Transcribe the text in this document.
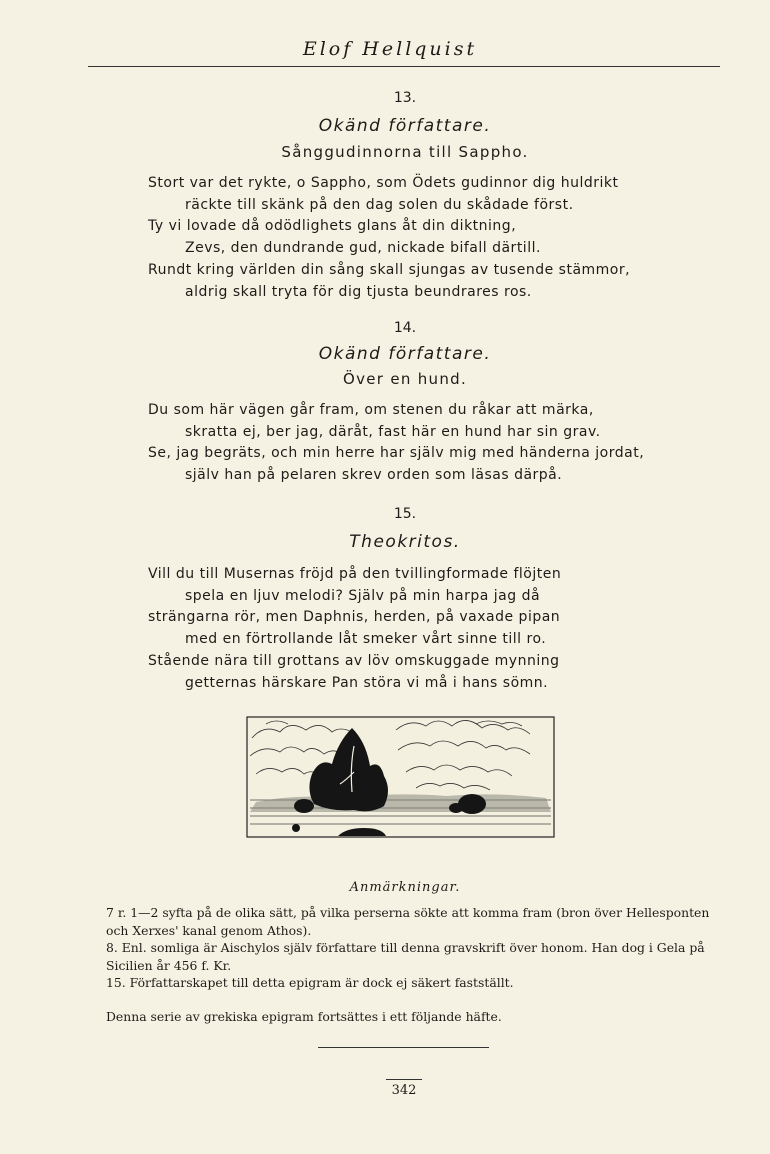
Elof Hellquist
13.
Okänd författare.
Sånggudinnorna till Sappho.
Stort var det rykte, o Sappho, som Ödets gudinnor dig huldrikt
räckte till skänk på den dag solen du skådade först.
Ty vi lovade då odödlighets glans åt din diktning,
Zevs, den dundrande gud, nickade bifall därtill.
Rundt kring världen din sång skall sjungas av tusende stämmor,
aldrig skall tryta för dig tjusta beundrares ros.
14.
Okänd författare.
Över en hund.
Du som här vägen går fram, om stenen du råkar att märka,
skratta ej, ber jag, däråt, fast här en hund har sin grav.
Se, jag begräts, och min herre har själv mig med händerna jordat,
själv han på pelaren skrev orden som läsas därpå.
15.
Theokritos.
Vill du till Musernas fröjd på den tvillingformade flöjten
spela en ljuv melodi? Själv på min harpa jag då
strängarna rör, men Daphnis, herden, på vaxade pipan
med en förtrollande låt smeker vårt sinne till ro.
Stående nära till grottans av löv omskuggade mynning
getternas härskare Pan störa vi må i hans sömn.
Anmärkningar.

7 r. 1—2 syfta på de olika sätt, på vilka perserna sökte att komma fram (bron över Hellesponten och Xerxes' kanal genom Athos).

8. Enl. somliga är Aischylos själv författare till denna gravskrift över honom. Han dog i Gela på Sicilien år 456 f. Kr.

15. Författarskapet till detta epigram är dock ej säkert fastställt.

Denna serie av grekiska epigram fortsättes i ett följande häfte.

342
